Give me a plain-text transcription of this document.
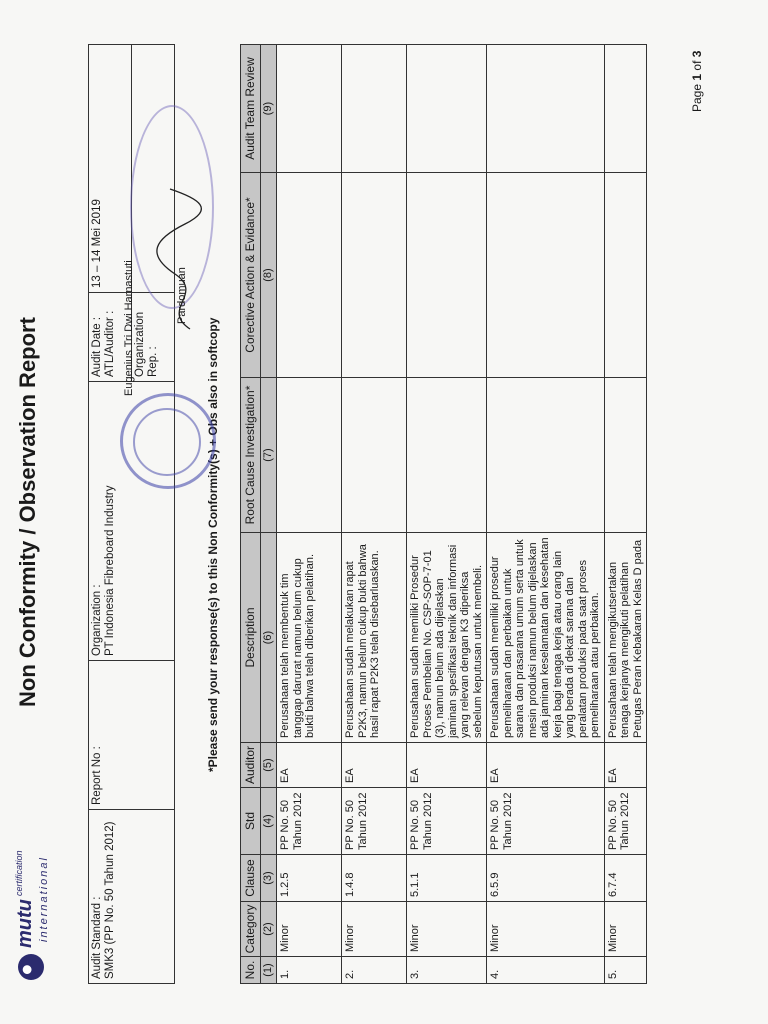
mutu
certification international
Non Conformity / Observation Report
Audit Standard : SMK3 (PP No. 50 Tahun 2012)	Report No :	Organization : PT Indonesia Fibreboard Industry	Audit Date : ATL/Auditor :	13 – 14 Mei 2019

			Organization Rep. :		*Please send your response(s) to this Non Conformity(s) + Obs also in softcopy
No.	Category	Clause	Std	Auditor	Description	Root Cause Investigation*	Corective Action & Evidance*	Audit Team Review
(1)	(2)	(3)	(4)	(5)	(6)	(7)	(8)	(9)
1.	Minor	1.2.5	PP No. 50 Tahun 2012	EA	Perusahaan telah membentuk tim tanggap darurat namun belum cukup bukti bahwa telah diberikan pelatihan.			
2.	Minor	1.4.8	PP No. 50 Tahun 2012	EA	Perusahaan sudah melakukan rapat P2K3, namun belum cukup bukti bahwa hasil rapat P2K3 telah disebarluaskan.			
3.	Minor	5.1.1	PP No. 50 Tahun 2012	EA	Perusahaan sudah memiliki Prosedur Proses Pembelian No. CSP-SOP-7-01 (3), namun belum ada dijelaskan jaminan spesifikasi teknik dan informasi yang relevan dengan K3 diperiksa sebelum keputusan untuk membeli.			
4.	Minor	6.5.9	PP No. 50 Tahun 2012	EA	Perusahaan sudah memiliki prosedur pemeliharaan dan perbaikan untuk sarana dan prasarana umum serta untuk mesin produksi namun belum dijelaskan ada jaminan keselamatan dan kesehatan kerja bagi tenaga kerja atau orang lain yang berada di dekat sarana dan peralatan produksi pada saat proses pemeliharaan atau perbaikan.			
5.	Minor	6.7.4	PP No. 50 Tahun 2012	EA	Perusahaan telah mengikutsertakan tenaga kerjanya mengikuti pelatihan Petugas Peran Kebakaran Kelas D pada			
Eugenius Tri Dwi Harnastuti	Pardomuan
Page 1 of 3
